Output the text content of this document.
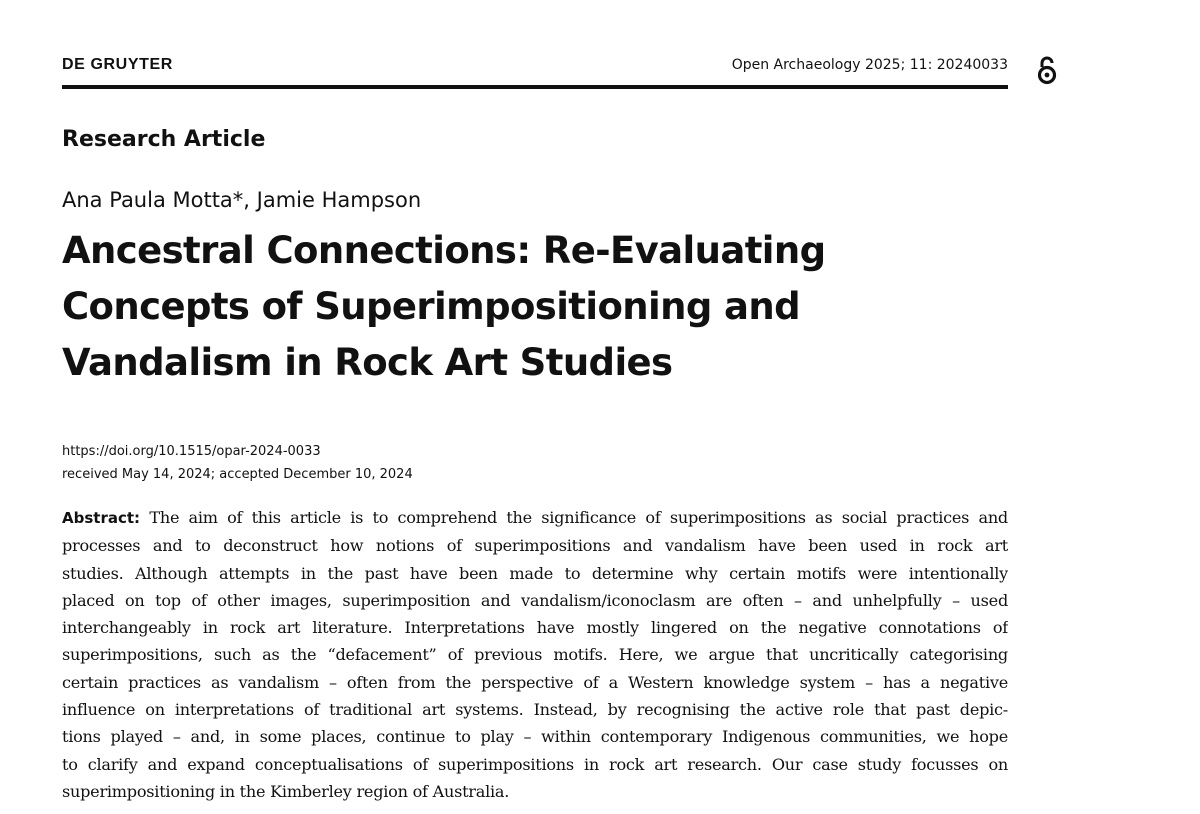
DE GRUYTER	Open Archaeology 2025; 11: 20240033
Research Article
Ana Paula Motta*, Jamie Hampson
Ancestral Connections: Re-Evaluating
Concepts of Superimpositioning and
Vandalism in Rock Art Studies
https://doi.org/10.1515/opar-2024-0033
received May 14, 2024; accepted December 10, 2024
Abstract: The aim of this article is to comprehend the significance of superimpositions as social practices and
processes and to deconstruct how notions of superimpositions and vandalism have been used in rock art
studies. Although attempts in the past have been made to determine why certain motifs were intentionally
placed on top of other images, superimposition and vandalism/iconoclasm are often – and unhelpfully – used
interchangeably in rock art literature. Interpretations have mostly lingered on the negative connotations of
superimpositions, such as the “defacement” of previous motifs. Here, we argue that uncritically categorising
certain practices as vandalism – often from the perspective of a Western knowledge system – has a negative
influence on interpretations of traditional art systems. Instead, by recognising the active role that past depic-
tions played – and, in some places, continue to play – within contemporary Indigenous communities, we hope
to clarify and expand conceptualisations of superimpositions in rock art research. Our case study focusses on
superimpositioning in the Kimberley region of Australia.
